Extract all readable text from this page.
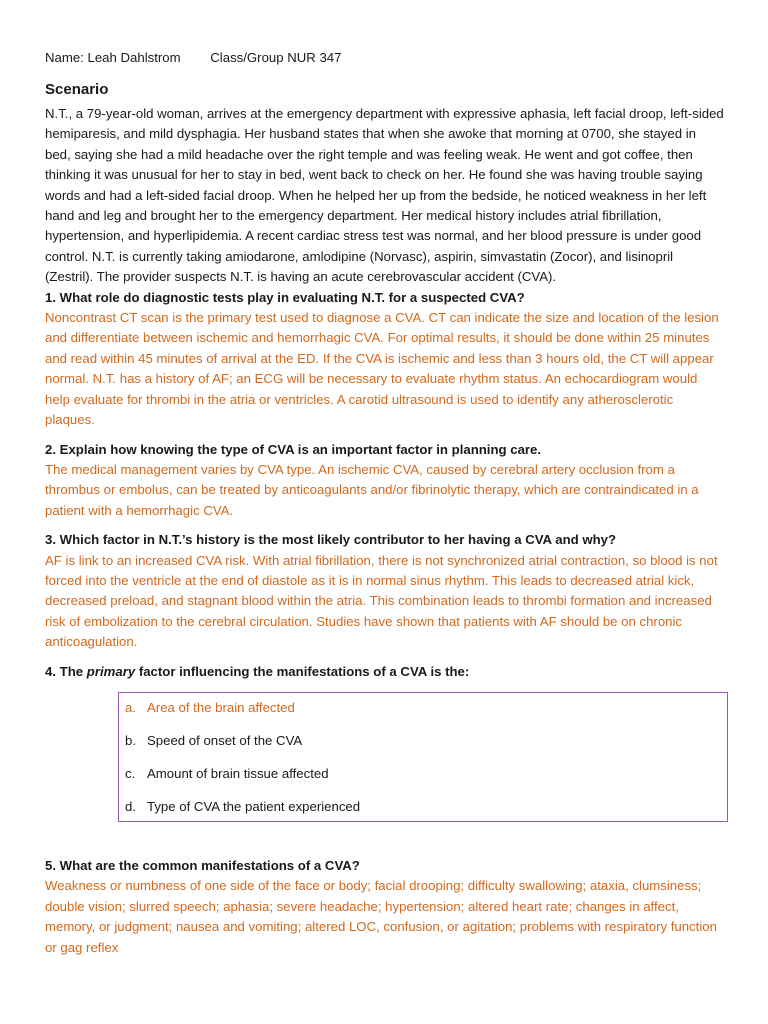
Name: Leah Dahlstrom Class/Group NUR 347
Scenario

N.T., a 79-year-old woman, arrives at the emergency department with expressive aphasia, left facial droop, left-sided hemiparesis, and mild dysphagia. Her husband states that when she awoke that morning at 0700, she stayed in bed, saying she had a mild headache over the right temple and was feeling weak. He went and got coffee, then thinking it was unusual for her to stay in bed, went back to check on her. He found she was having trouble saying words and had a left-sided facial droop. When he helped her up from the bedside, he noticed weakness in her left hand and leg and brought her to the emergency department. Her medical history includes atrial fibrillation, hypertension, and hyperlipidemia. A recent cardiac stress test was normal, and her blood pressure is under good control. N.T. is currently taking amiodarone, amlodipine (Norvasc), aspirin, simvastatin (Zocor), and lisinopril (Zestril). The provider suspects N.T. is having an acute cerebrovascular accident (CVA).

1. What role do diagnostic tests play in evaluating N.T. for a suspected CVA?

Noncontrast CT scan is the primary test used to diagnose a CVA. CT can indicate the size and location of the lesion and differentiate between ischemic and hemorrhagic CVA. For optimal results, it should be done within 25 minutes and read within 45 minutes of arrival at the ED. If the CVA is ischemic and less than 3 hours old, the CT will appear normal. N.T. has a history of AF; an ECG will be necessary to evaluate rhythm status. An echocardiogram would help evaluate for thrombi in the atria or ventricles. A carotid ultrasound is used to identify any atherosclerotic plaques.

2. Explain how knowing the type of CVA is an important factor in planning care.

The medical management varies by CVA type. An ischemic CVA, caused by cerebral artery occlusion from a thrombus or embolus, can be treated by anticoagulants and/or fibrinolytic therapy, which are contraindicated in a patient with a hemorrhagic CVA.

3. Which factor in N.T.’s history is the most likely contributor to her having a CVA and why?

AF is link to an increased CVA risk. With atrial fibrillation, there is not synchronized atrial contraction, so blood is not forced into the ventricle at the end of diastole as it is in normal sinus rhythm. This leads to decreased atrial kick, decreased preload, and stagnant blood within the atria. This combination leads to thrombi formation and increased risk of embolization to the cerebral circulation. Studies have shown that patients with AF should be on chronic anticoagulation.

4. The primary factor influencing the manifestations of a CVA is the:

a. Area of the brain affected
b. Speed of onset of the CVA
c. Amount of brain tissue affected
d. Type of CVA the patient experienced

5. What are the common manifestations of a CVA?

Weakness or numbness of one side of the face or body; facial drooping; difficulty swallowing; ataxia, clumsiness; double vision; slurred speech; aphasia; severe headache; hypertension; altered heart rate; changes in affect, memory, or judgment; nausea and vomiting; altered LOC, confusion, or agitation; problems with respiratory function or gag reflex
